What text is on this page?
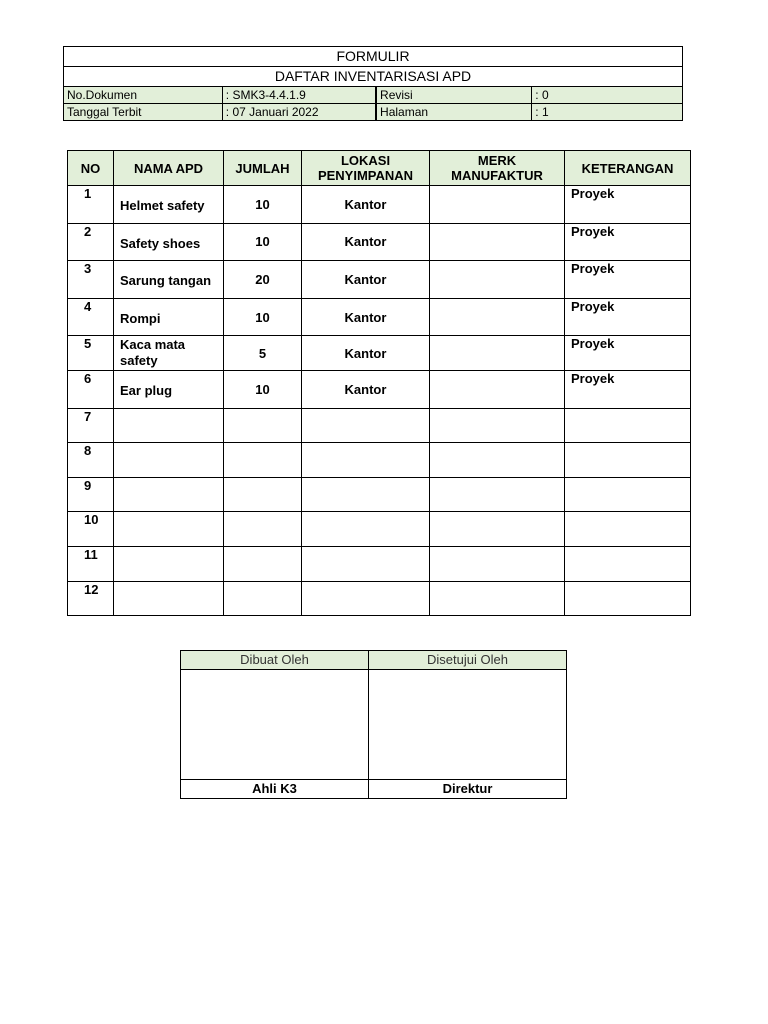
FORMULIR			
DAFTAR INVENTARISASI APD			
No.Dokumen	: SMK3-4.4.1.9	Revisi	: 0
Tanggal Terbit	: 07 Januari 2022	Halaman	: 1
NO	NAMA APD	JUMLAH	LOKASI PENYIMPANAN	MERK MANUFAKTUR	KETERANGAN
1	Helmet safety	10	Kantor		Proyek
2	Safety shoes	10	Kantor		Proyek
3	Sarung tangan	20	Kantor		Proyek
4	Rompi	10	Kantor		Proyek
5	Kaca mata safety	5	Kantor		Proyek
6	Ear plug	10	Kantor		Proyek
7					
8					
9					
10					
11					
12					
Dibuat Oleh	Disetujui Oleh

Ahli K3	Direktur
